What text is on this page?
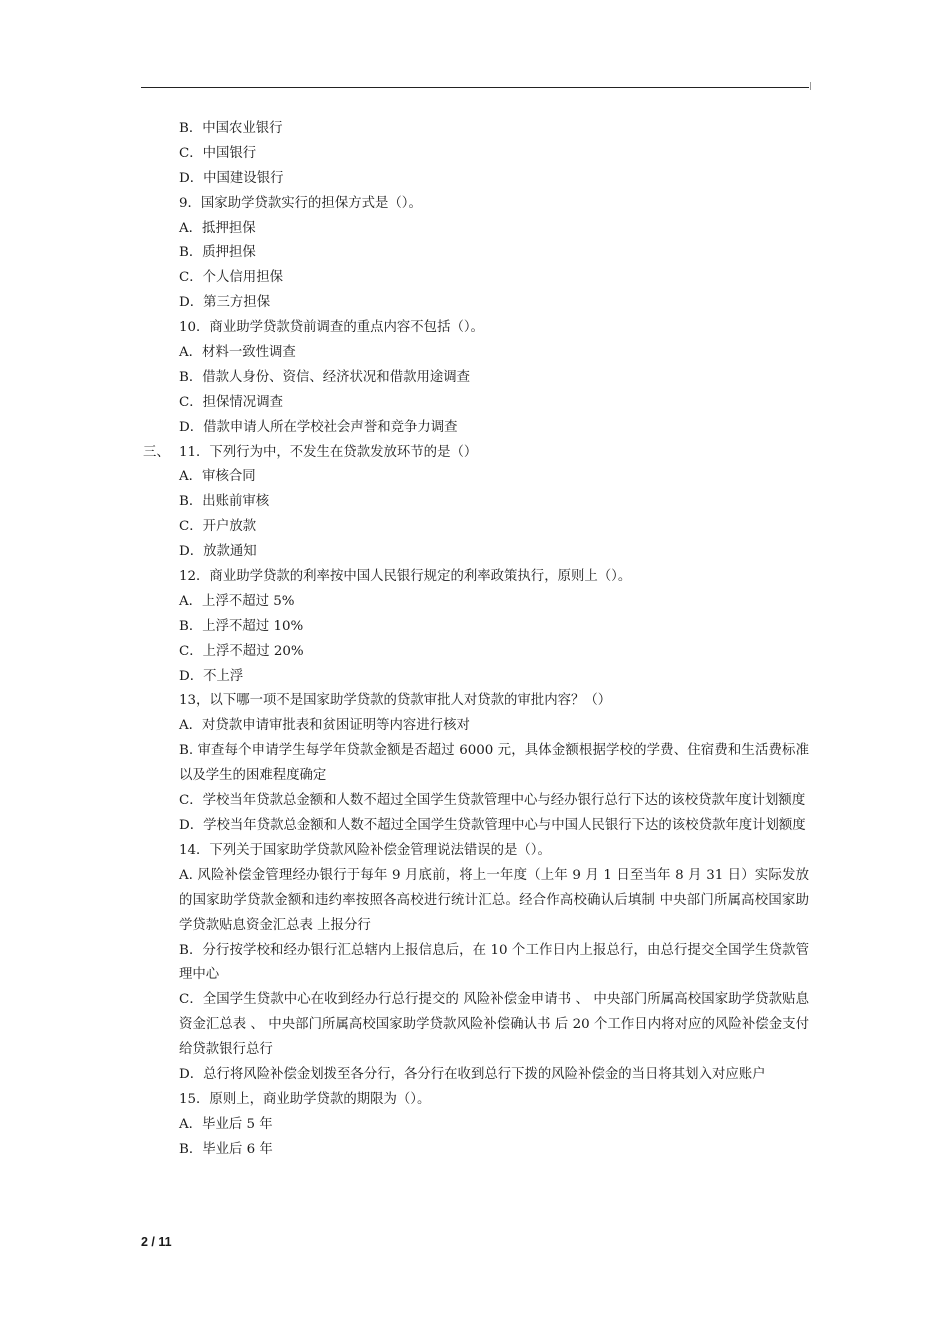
B．中国农业银行
C．中国银行
D．中国建设银行
9．国家助学贷款实行的担保方式是（）。
A．抵押担保
B．质押担保
C．个人信用担保
D．第三方担保
10．商业助学贷款贷前调查的重点内容不包括（）。
A．材料一致性调查
B．借款人身份、资信、经济状况和借款用途调查
C．担保情况调查
D．借款申请人所在学校社会声誉和竞争力调查
三、 11．下列行为中，不发生在贷款发放环节的是（）
A．审核合同
B．出账前审核
C．开户放款
D．放款通知
12．商业助学贷款的利率按中国人民银行规定的利率政策执行，原则上（）。
A．上浮不超过 5%
B．上浮不超过 10%
C．上浮不超过 20%
D．不上浮
13，以下哪一项不是国家助学贷款的贷款审批人对贷款的审批内容？（）
A．对贷款申请审批表和贫困证明等内容进行核对
B. 审查每个申请学生每学年贷款金额是否超过 6000 元，具体金额根据学校的学费、住宿费和生活费标准以及学生的困难程度确定
C．学校当年贷款总金额和人数不超过全国学生贷款管理中心与经办银行总行下达的该校贷款年度计划额度
D．学校当年贷款总金额和人数不超过全国学生贷款管理中心与中国人民银行下达的该校贷款年度计划额度
14．下列关于国家助学贷款风险补偿金管理说法错误的是（）。
A. 风险补偿金管理经办银行于每年 9 月底前，将上一年度（上年 9 月 1 日至当年 8 月 31 日）实际发放的国家助学贷款金额和违约率按照各高校进行统计汇总。经合作高校确认后填制 中央部门所属高校国家助学贷款贴息资金汇总表 上报分行
B．分行按学校和经办银行汇总辖内上报信息后，在 10 个工作日内上报总行，由总行提交全国学生贷款管理中心
C．全国学生贷款中心在收到经办行总行提交的 风险补偿金申请书 、 中央部门所属高校国家助学贷款贴息资金汇总表 、 中央部门所属高校国家助学贷款风险补偿确认书 后 20 个工作日内将对应的风险补偿金支付给贷款银行总行
D．总行将风险补偿金划拨至各分行，各分行在收到总行下拨的风险补偿金的当日将其划入对应账户
15．原则上，商业助学贷款的期限为（）。
A．毕业后 5 年
B．毕业后 6 年
2 / 11
